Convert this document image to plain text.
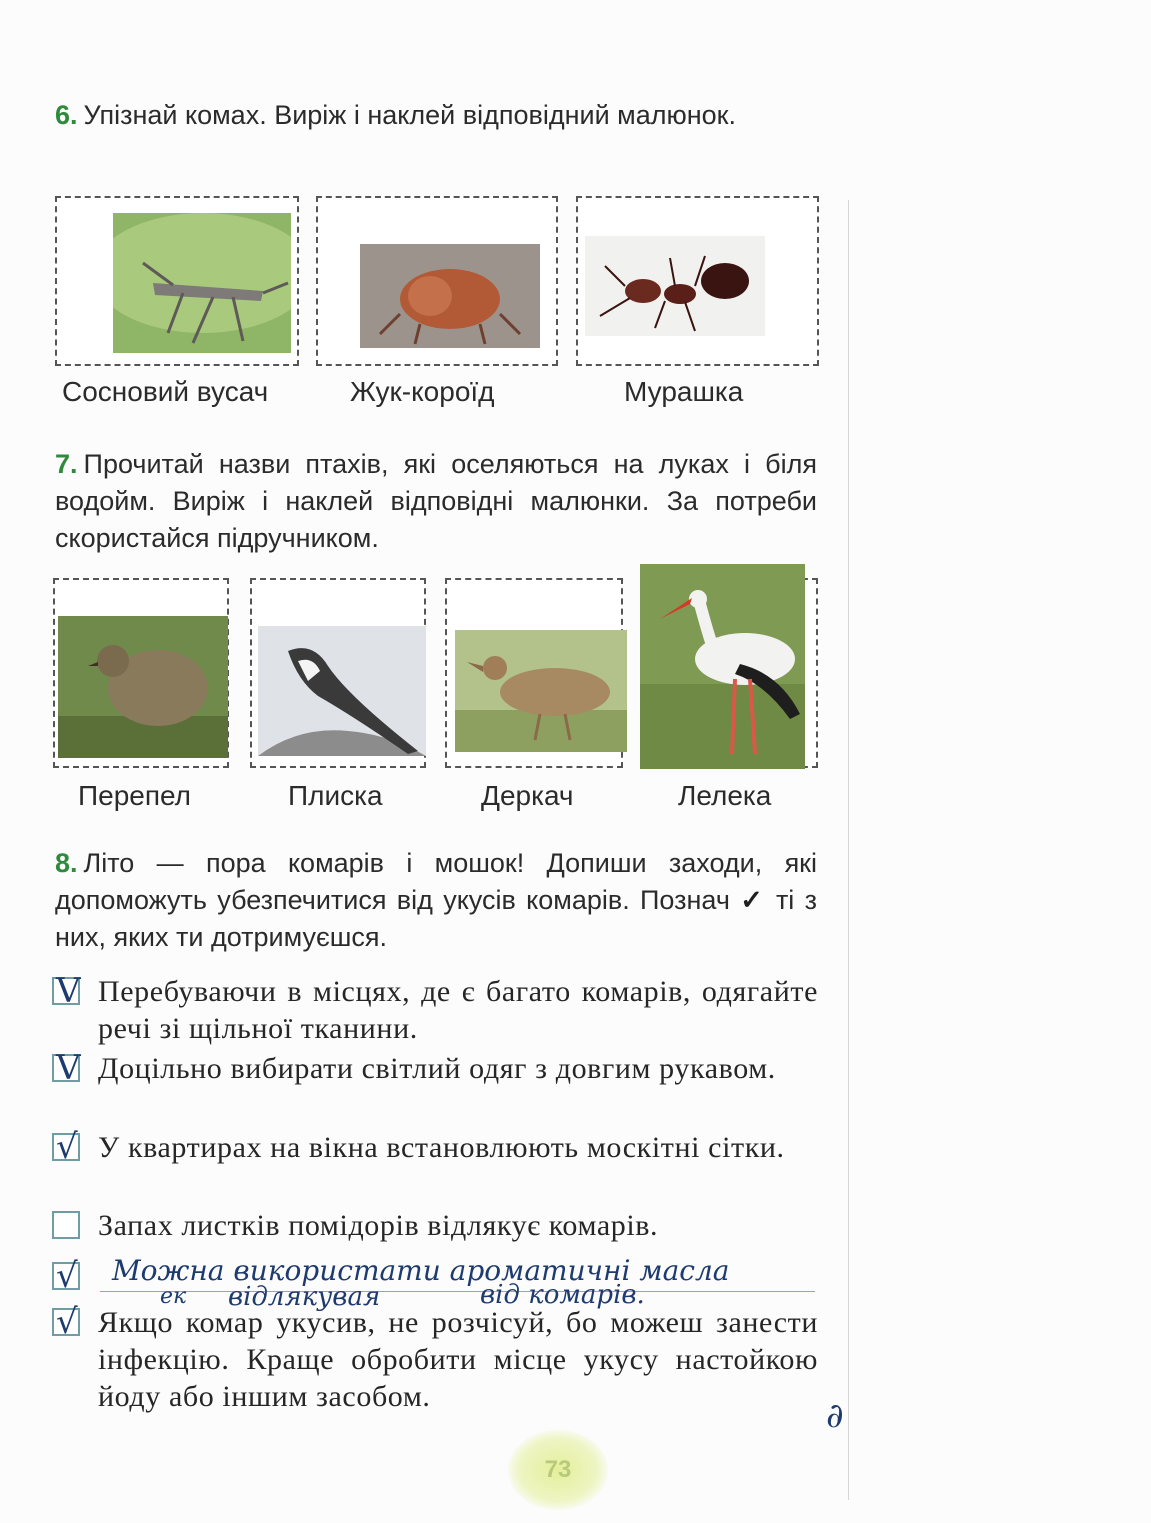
6. Упізнай комах. Виріж і наклей відповідний малюнок.
Сосновий вусач	Жук-короїд	Мурашка
7. Прочитай назви птахів, які оселяються на луках і біля водойм. Виріж і наклей відповідні малюнки. За потреби скористайся підручником.
Перепел	Плиска	Деркач	Лелека
8. Літо — пора комарів і мошок! Допиши заходи, які допоможуть убезпечитися від укусів комарів. Познач ✓ ті з них, яких ти дотримуєшся.
V Перебуваючи в місцях, де є багато комарів, одягайте речі зі щільної тканини.
V Доцільно вибирати світлий одяг з довгим рукавом.
√ У квартирах на вікна встановлюють москітні сітки.
Запах листків помідорів відлякує комарів.
√ Можна використати ароматичні масла
ек відлякувая	від комарів.
√ Якщо комар укусив, не розчісуй, бо можеш занести інфекцію. Краще обробити місце укусу настойкою йоду або іншим засобом.	∂
73
